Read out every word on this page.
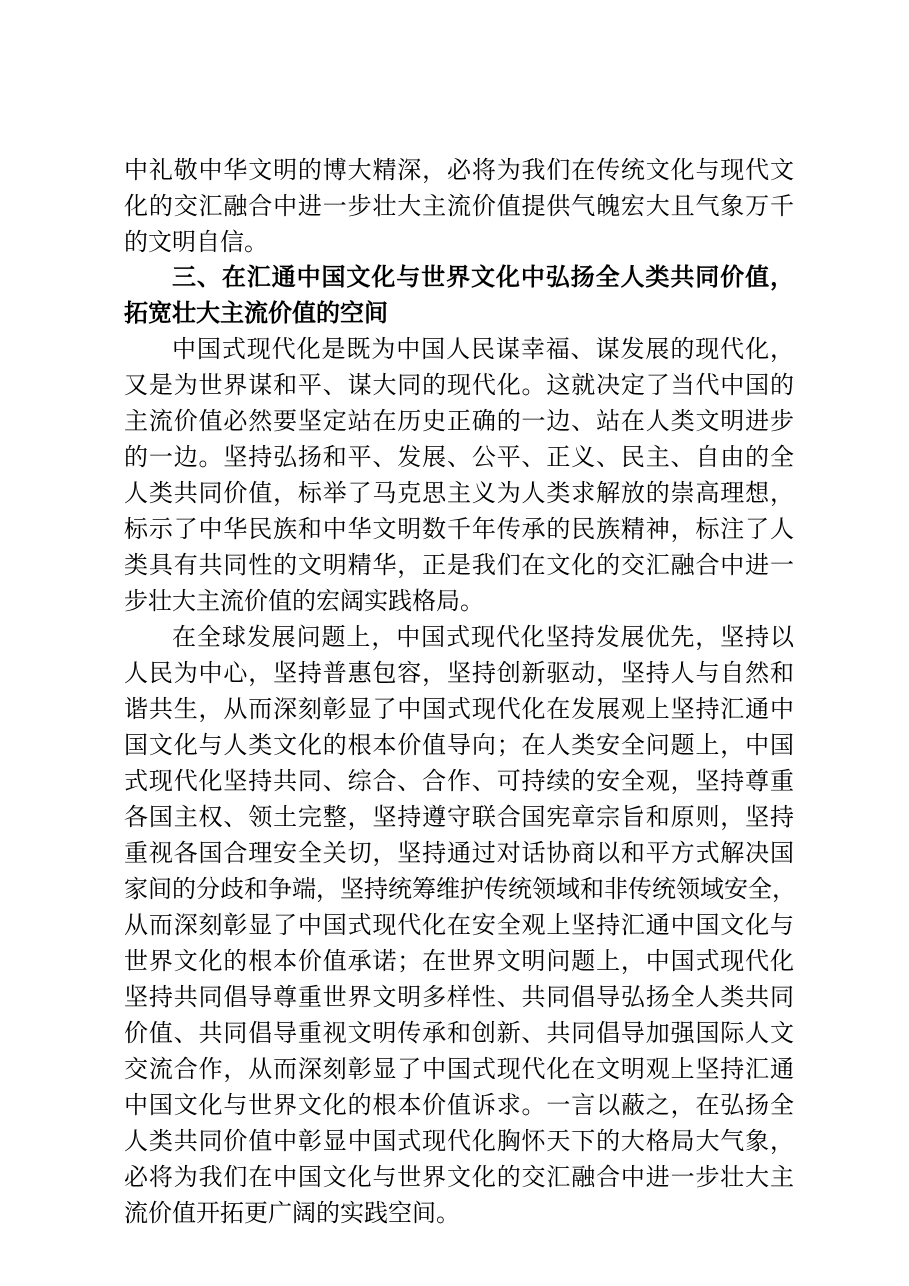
中礼敬中华文明的博大精深，必将为我们在传统文化与现代文
化的交汇融合中进一步壮大主流价值提供气魄宏大且气象万千
的文明自信。
三、在汇通中国文化与世界文化中弘扬全人类共同价值，
拓宽壮大主流价值的空间
中国式现代化是既为中国人民谋幸福、谋发展的现代化，
又是为世界谋和平、谋大同的现代化。这就决定了当代中国的
主流价值必然要坚定站在历史正确的一边、站在人类文明进步
的一边。坚持弘扬和平、发展、公平、正义、民主、自由的全
人类共同价值，标举了马克思主义为人类求解放的崇高理想，
标示了中华民族和中华文明数千年传承的民族精神，标注了人
类具有共同性的文明精华，正是我们在文化的交汇融合中进一
步壮大主流价值的宏阔实践格局。
在全球发展问题上，中国式现代化坚持发展优先，坚持以
人民为中心，坚持普惠包容，坚持创新驱动，坚持人与自然和
谐共生，从而深刻彰显了中国式现代化在发展观上坚持汇通中
国文化与人类文化的根本价值导向；在人类安全问题上，中国
式现代化坚持共同、综合、合作、可持续的安全观，坚持尊重
各国主权、领土完整，坚持遵守联合国宪章宗旨和原则，坚持
重视各国合理安全关切，坚持通过对话协商以和平方式解决国
家间的分歧和争端，坚持统筹维护传统领域和非传统领域安全，
从而深刻彰显了中国式现代化在安全观上坚持汇通中国文化与
世界文化的根本价值承诺；在世界文明问题上，中国式现代化
坚持共同倡导尊重世界文明多样性、共同倡导弘扬全人类共同
价值、共同倡导重视文明传承和创新、共同倡导加强国际人文
交流合作，从而深刻彰显了中国式现代化在文明观上坚持汇通
中国文化与世界文化的根本价值诉求。一言以蔽之，在弘扬全
人类共同价值中彰显中国式现代化胸怀天下的大格局大气象，
必将为我们在中国文化与世界文化的交汇融合中进一步壮大主
流价值开拓更广阔的实践空间。
